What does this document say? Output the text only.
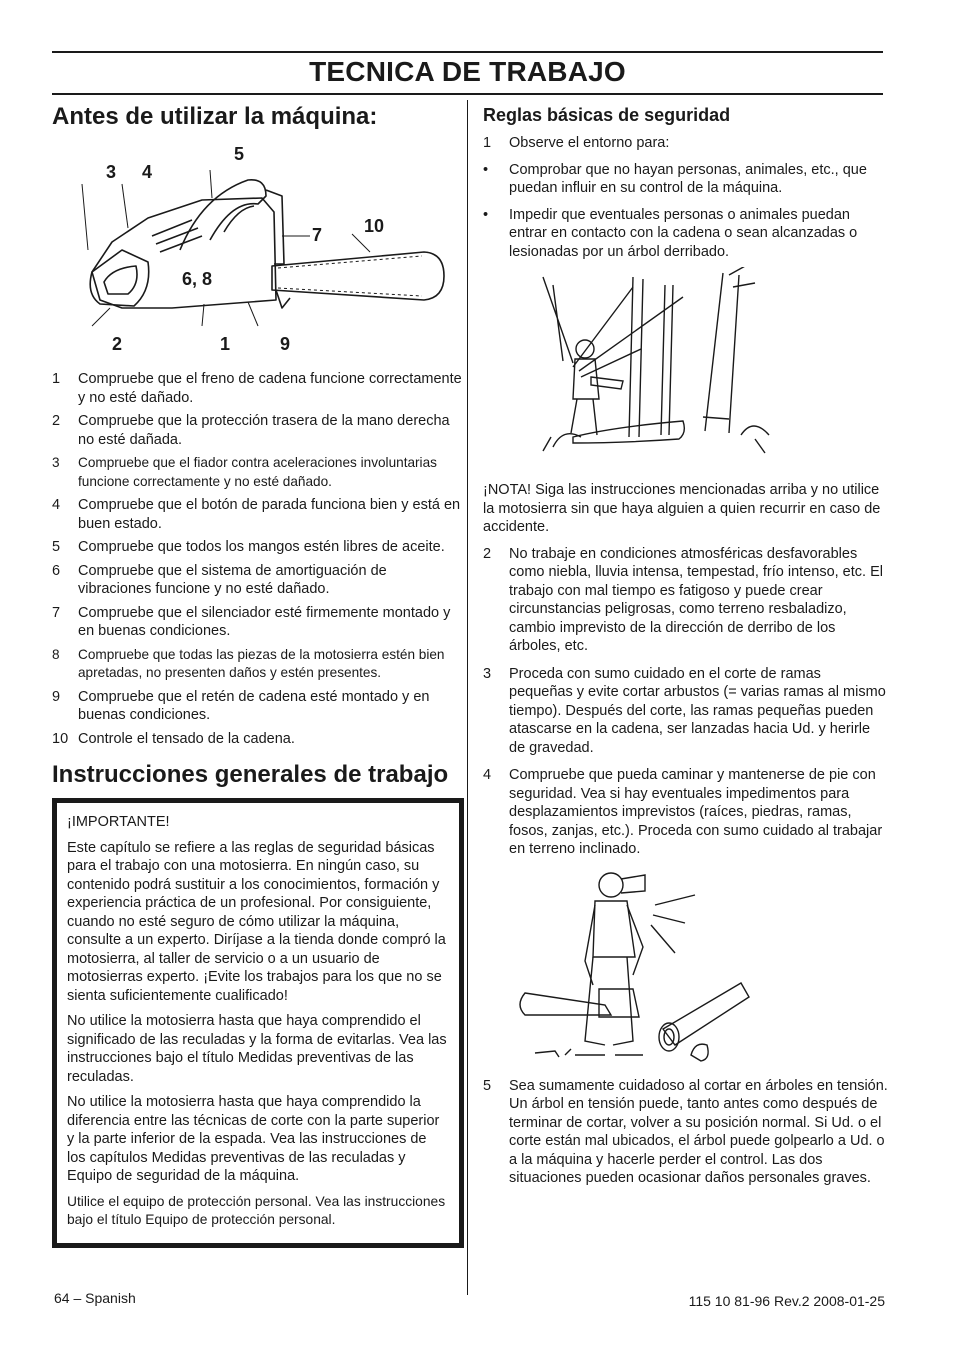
TECNICA DE TRABAJO
Antes de utilizar la máquina:
3 4
5
7 10
6, 8
2	1	9
1 Compruebe que el freno de cadena funcione correctamente y no esté dañado.
2 Compruebe que la protección trasera de la mano derecha no esté dañada.
3 Compruebe que el fiador contra aceleraciones involuntarias funcione correctamente y no esté dañado.
4 Compruebe que el botón de parada funciona bien y está en buen estado.
5 Compruebe que todos los mangos estén libres de aceite.
6 Compruebe que el sistema de amortiguación de vibraciones funcione y no esté dañado.
7 Compruebe que el silenciador esté firmemente montado y en buenas condiciones.
8 Compruebe que todas las piezas de la motosierra estén bien apretadas, no presenten daños y estén presentes.
9 Compruebe que el retén de cadena esté montado y en buenas condiciones.
10 Controle el tensado de la cadena.
Instrucciones generales de trabajo

¡IMPORTANTE!

Este capítulo se refiere a las reglas de seguridad básicas para el trabajo con una motosierra. En ningún caso, su contenido podrá sustituir a los conocimientos, formación y experiencia práctica de un profesional. Por consiguiente, cuando no esté seguro de cómo utilizar la máquina, consulte a un experto. Diríjase a la tienda donde compró la motosierra, al taller de servicio o a un usuario de motosierras experto. ¡Evite los trabajos para los que no se sienta suficientemente cualificado!

No utilice la motosierra hasta que haya comprendido el significado de las reculadas y la forma de evitarlas. Vea las instrucciones bajo el título Medidas preventivas de las reculadas.

No utilice la motosierra hasta que haya comprendido la diferencia entre las técnicas de corte con la parte superior y la parte inferior de la espada. Vea las instrucciones de los capítulos Medidas preventivas de las reculadas y Equipo de seguridad de la máquina.

Utilice el equipo de protección personal. Vea las instrucciones bajo el título Equipo de protección personal.

Reglas básicas de seguridad
1 Observe el entorno para:
• Comprobar que no hayan personas, animales, etc., que puedan influir en su control de la máquina.
• Impedir que eventuales personas o animales puedan entrar en contacto con la cadena o sean alcanzadas o lesionadas por un árbol derribado.

¡NOTA! Siga las instrucciones mencionadas arriba y no utilice la motosierra sin que haya alguien a quien recurrir en caso de accidente.

2 No trabaje en condiciones atmosféricas desfavorables como niebla, lluvia intensa, tempestad, frío intenso, etc. El trabajo con mal tiempo es fatigoso y puede crear circunstancias peligrosas, como terreno resbaladizo, cambio imprevisto de la dirección de derribo de los árboles, etc.
3 Proceda con sumo cuidado en el corte de ramas pequeñas y evite cortar arbustos (= varias ramas al mismo tiempo). Después del corte, las ramas pequeñas pueden atascarse en la cadena, ser lanzadas hacia Ud. y herirle de gravedad.
4 Compruebe que pueda caminar y mantenerse de pie con seguridad. Vea si hay eventuales impedimentos para desplazamientos imprevistos (raíces, piedras, ramas, fosos, zanjas, etc.). Proceda con sumo cuidado al trabajar en terreno inclinado.
5 Sea sumamente cuidadoso al cortar en árboles en tensión. Un árbol en tensión puede, tanto antes como después de terminar de cortar, volver a su posición normal. Si Ud. o el corte están mal ubicados, el árbol puede golpearlo a Ud. o a la máquina y hacerle perder el control. Las dos situaciones pueden ocasionar daños personales graves.
64 – Spanish	115 10 81-96 Rev.2 2008-01-25
